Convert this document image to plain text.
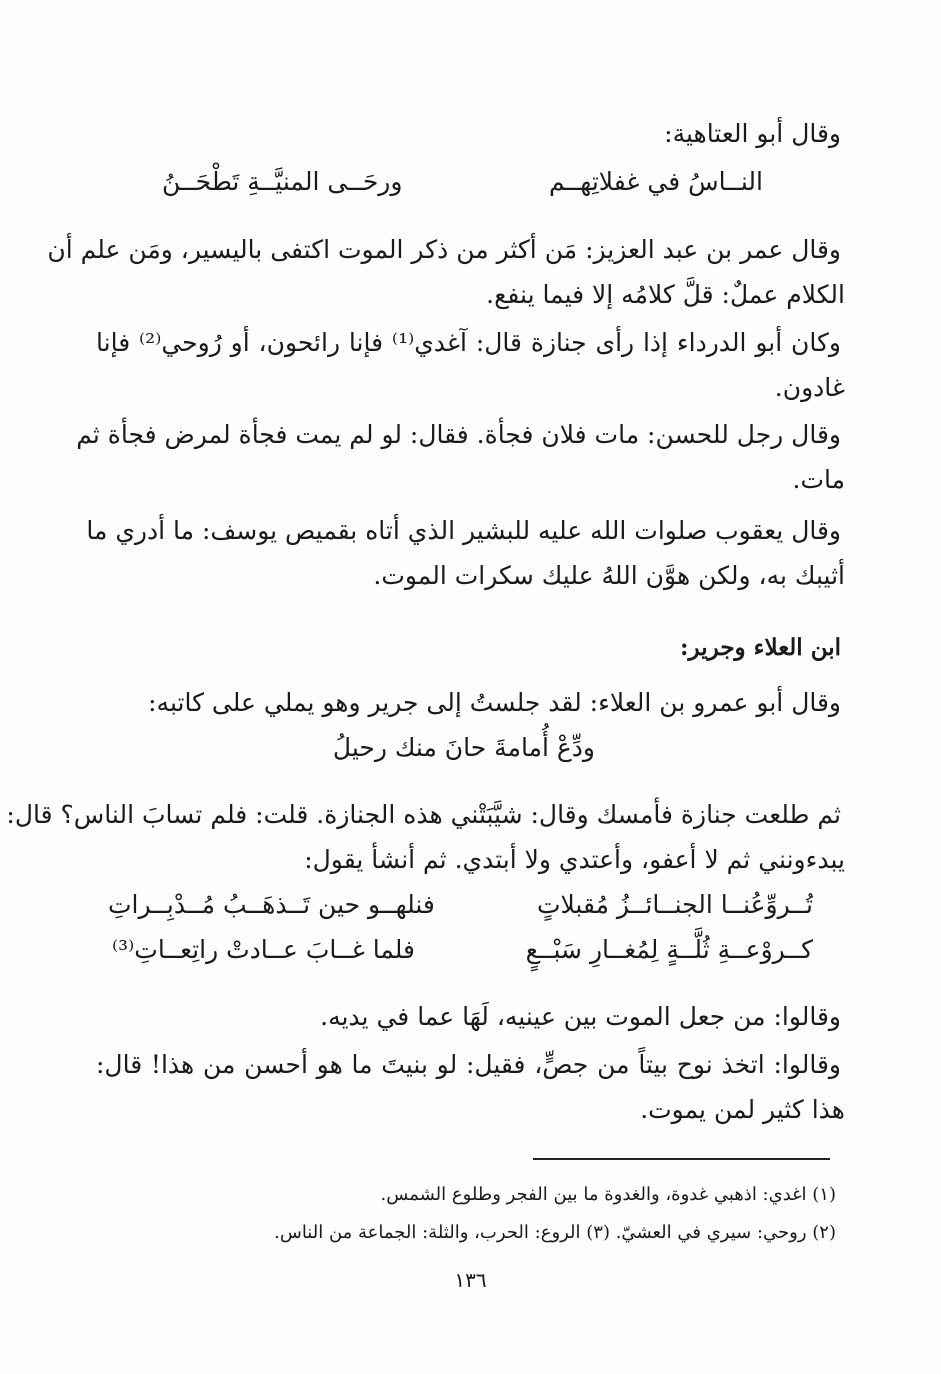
وقال أبو العتاهية:
النــاسُ في غفلاتِهــم
ورحَــى المنيَّــةِ تَطْحَــنُ
وقال عمر بن عبد العزيز: مَن أكثر من ذكر الموت اكتفى باليسير، ومَن علم أن
الكلام عملٌ: قلَّ كلامُه إلا فيما ينفع.
وكان أبو الدرداء إذا رأى جنازة قال: آغدي⁽¹⁾ فإنا رائحون، أو رُوحي⁽²⁾ فإنا
غادون.
وقال رجل للحسن: مات فلان فجأة. فقال: لو لم يمت فجأة لمرض فجأة ثم
مات.
وقال يعقوب صلوات الله عليه للبشير الذي أتاه بقميص يوسف: ما أدري ما
أثيبك به، ولكن هوَّن اللهُ عليك سكرات الموت.
ابن العلاء وجرير:
وقال أبو عمرو بن العلاء: لقد جلستُ إلى جرير وهو يملي على كاتبه:
ودِّعْ أُمامةَ حانَ منك رحيلُ
ثم طلعت جنازة فأمسك وقال: شيَّبَتْني هذه الجنازة. قلت: فلم تسابَ الناس؟ قال:
يبدءونني ثم لا أعفو، وأعتدي ولا أبتدي. ثم أنشأ يقول:
تُــروِّعُنــا الجنــائــزُ مُقبلاتٍ
فنلهــو حين تَــذهَــبُ مُــدْبِــراتِ
كــروْعــةِ ثُلَّــةٍ لِمُغــارِ سَبْــعٍ
فلما غــابَ عــادتْ راتِعــاتِ⁽³⁾
وقالوا: من جعل الموت بين عينيه، لَهَا عما في يديه.
وقالوا: اتخذ نوح بيتاً من جصٍّ، فقيل: لو بنيتَ ما هو أحسن من هذا! قال:
هذا كثير لمن يموت.
(١) اغدي: اذهبي غدوة، والغدوة ما بين الفجر وطلوع الشمس.
(٢) روحي: سيري في العشيّ. (٣) الروع: الحرب، والثلة: الجماعة من الناس.
١٣٦
